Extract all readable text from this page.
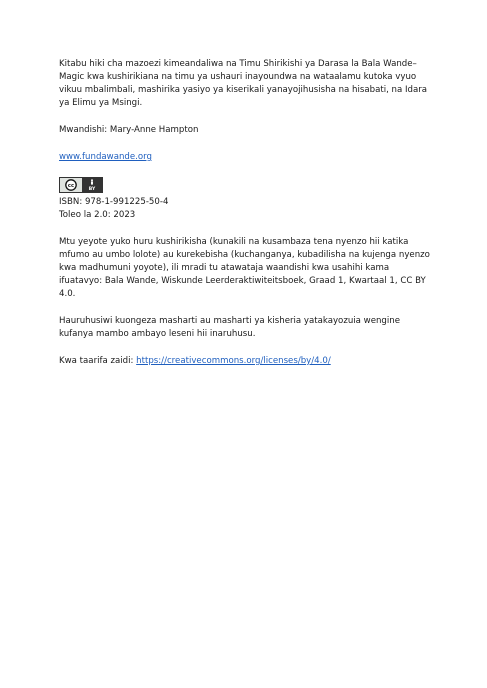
Kitabu hiki cha mazoezi kimeandaliwa na Timu Shirikishi ya Darasa la Bala Wande–Magic kwa kushirikiana na timu ya ushauri inayoundwa na wataalamu kutoka vyuo vikuu mbalimbali, mashirika yasiyo ya kiserikali yanayojihusisha na hisabati, na Idara ya Elimu ya Msingi.

Mwandishi: Mary-Anne Hampton

www.fundawande.org

cc	BY

ISBN: 978-1-991225-50-4

Toleo la 2.0: 2023

Mtu yeyote yuko huru kushirikisha (kunakili na kusambaza tena nyenzo hii katika mfumo au umbo lolote) au kurekebisha (kuchanganya, kubadilisha na kujenga nyenzo kwa madhumuni yoyote), ili mradi tu atawataja waandishi kwa usahihi kama ifuatavyo: Bala Wande, Wiskunde Leerderaktiwiteitsboek, Graad 1, Kwartaal 1, CC BY 4.0.

Hauruhusiwi kuongeza masharti au masharti ya kisheria yatakayozuia wengine kufanya mambo ambayo leseni hii inaruhusu.

Kwa taarifa zaidi: https://creativecommons.org/licenses/by/4.0/
